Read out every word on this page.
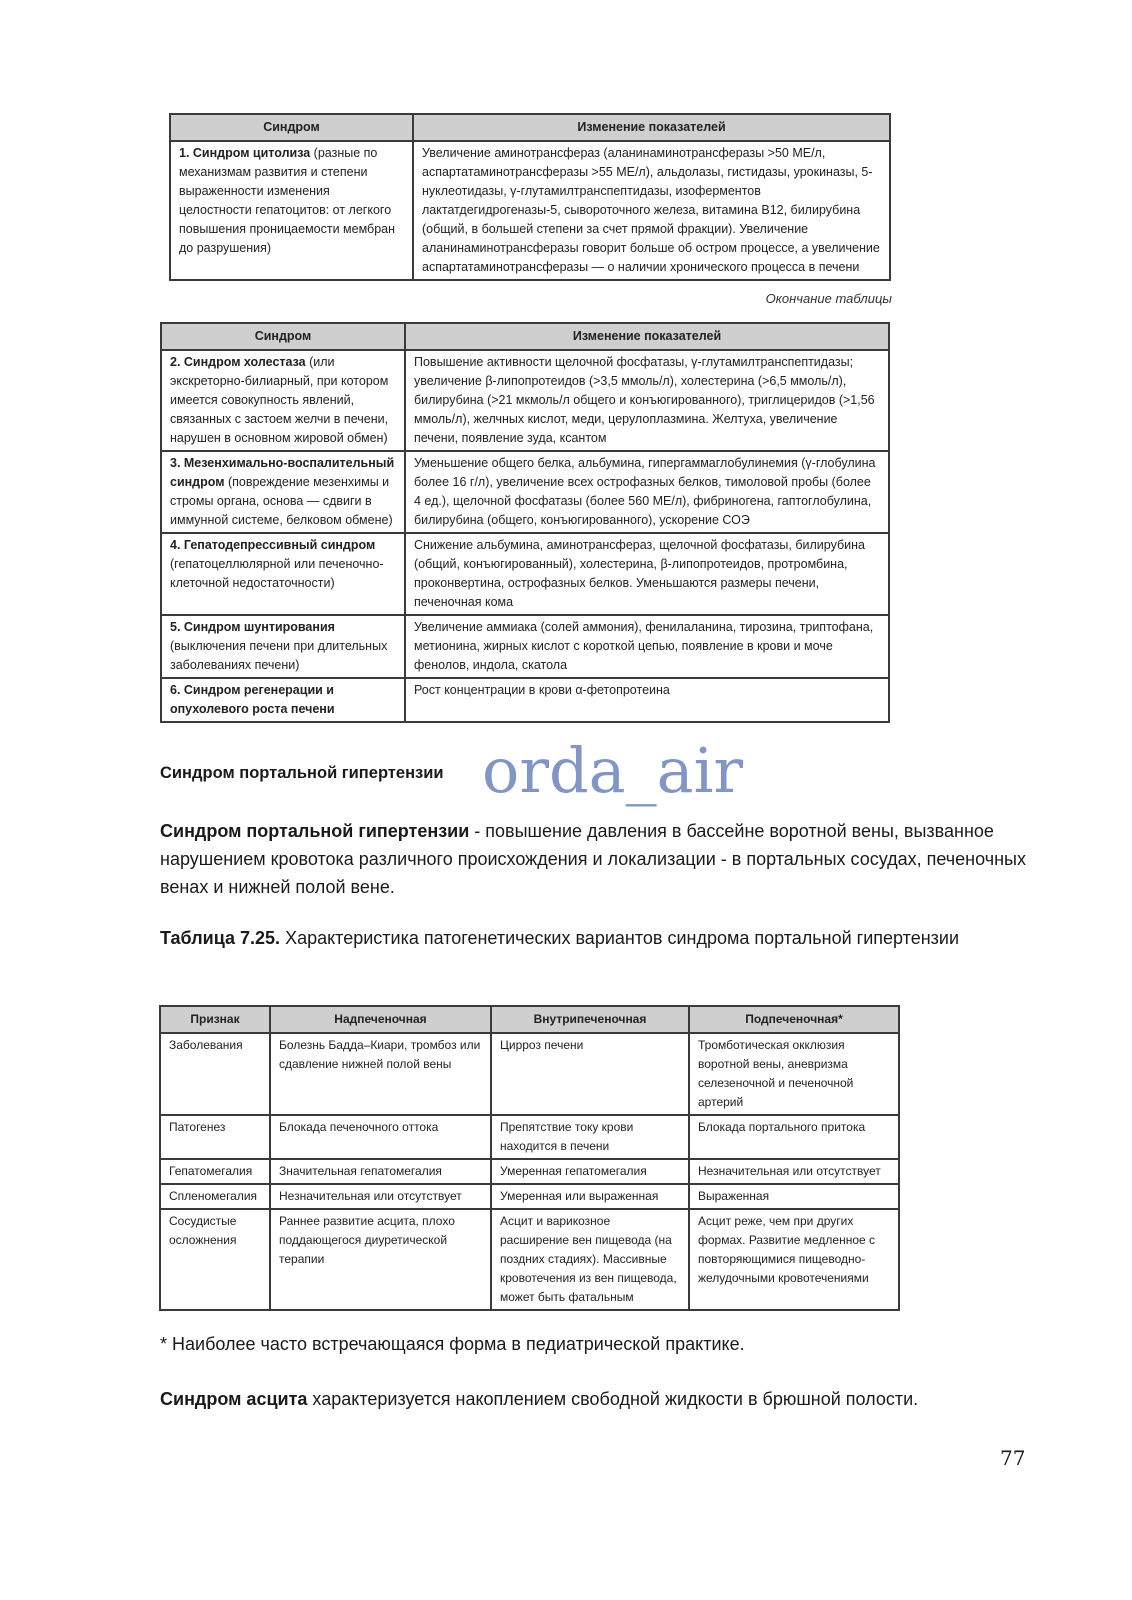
Синдром	Изменение показателей
1. Синдром цитолиза (разные по механизмам развития и степени выраженности изменения целостности гепатоцитов: от легкого повышения проницаемости мембран до разрушения)	Увеличение аминотрансфераз (аланинаминотрансферазы >50 МЕ/л, аспартатаминотрансферазы >55 МЕ/л), альдолазы, гистидазы, урокиназы, 5-нуклеотидазы, γ-глутамилтранспептидазы, изоферментов лактатдегидрогеназы-5, сывороточного железа, витамина B12, билирубина (общий, в большей степени за счет прямой фракции). Увеличение аланинаминотрансферазы говорит больше об остром процессе, а увеличение аспартатаминотрансферазы — о наличии хронического процесса в печени
Окончание таблицы
Синдром	Изменение показателей
2. Синдром холестаза (или экскреторно-билиарный, при котором имеется совокупность явлений, связанных с застоем желчи в печени, нарушен в основном жировой обмен)	Повышение активности щелочной фосфатазы, γ-глутамилтранспептидазы; увеличение β-липопротеидов (>3,5 ммоль/л), холестерина (>6,5 ммоль/л), билирубина (>21 мкмоль/л общего и конъюгированного), триглицеридов (>1,56 ммоль/л), желчных кислот, меди, церулоплазмина. Желтуха, увеличение печени, появление зуда, ксантом
3. Мезенхимально-воспалительный синдром (повреждение мезенхимы и стромы органа, основа — сдвиги в иммунной системе, белковом обмене)	Уменьшение общего белка, альбумина, гипергаммаглобулинемия (γ-глобулина более 16 г/л), увеличение всех острофазных белков, тимоловой пробы (более 4 ед.), щелочной фосфатазы (более 560 МЕ/л), фибриногена, гаптоглобулина, билирубина (общего, конъюгированного), ускорение СОЭ
4. Гепатодепрессивный синдром (гепатоцеллюлярной или печеночно-клеточной недостаточности)	Снижение альбумина, аминотрансфераз, щелочной фосфатазы, билирубина (общий, конъюгированный), холестерина, β-липопротеидов, протромбина, проконвертина, острофазных белков. Уменьшаются размеры печени, печеночная кома
5. Синдром шунтирования (выключения печени при длительных заболеваниях печени)	Увеличение аммиака (солей аммония), фенилаланина, тирозина, триптофана, метионина, жирных кислот с короткой цепью, появление в крови и моче фенолов, индола, скатола
6. Синдром регенерации и опухолевого роста печени	Рост концентрации в крови α-фетопротеина
Синдром портальной гипертензии orda_air

Синдром портальной гипертензии - повышение давления в бассейне воротной вены, вызванное нарушением кровотока различного происхождения и локализации - в портальных сосудах, печеночных венах и нижней полой вене.

Таблица 7.25. Характеристика патогенетических вариантов синдрома портальной гипертензии

Признак	Надпеченочная	Внутрипеченочная	Подпеченочная*
Заболевания	Болезнь Бадда–Киари, тромбоз или сдавление нижней полой вены	Цирроз печени	Тромботическая окклюзия воротной вены, аневризма селезеночной и печеночной артерий
Патогенез	Блокада печеночного оттока	Препятствие току крови находится в печени	Блокада портального притока
Гепатомегалия	Значительная гепатомегалия	Умеренная гепатомегалия	Незначительная или отсутствует
Спленомегалия	Незначительная или отсутствует	Умеренная или выраженная	Выраженная
Сосудистые осложнения	Раннее развитие асцита, плохо поддающегося диуретической терапии	Асцит и варикозное расширение вен пищевода (на поздних стадиях). Массивные кровотечения из вен пищевода, может быть фатальным	Асцит реже, чем при других формах. Развитие медленное с повторяющимися пищеводно-желудочными кровотечениями

* Наиболее часто встречающаяся форма в педиатрической практике.

Синдром асцита характеризуется накоплением свободной жидкости в брюшной полости.

77
